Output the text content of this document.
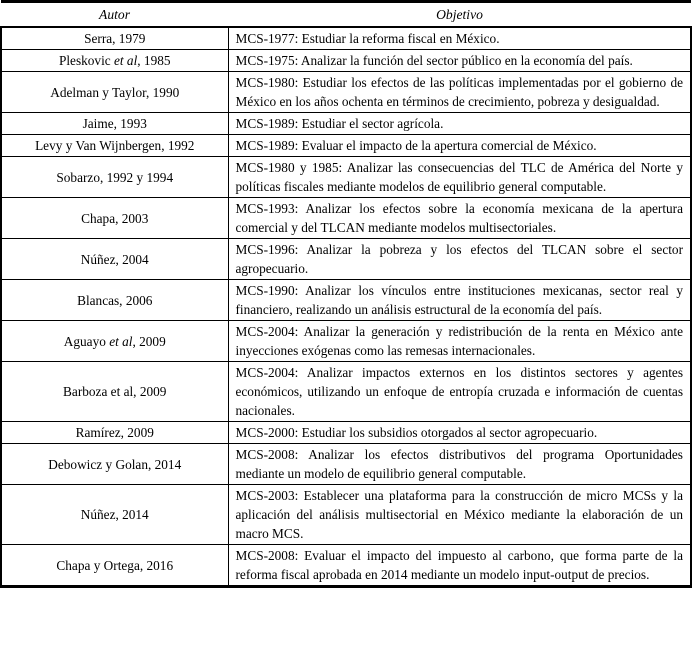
Autor	Objetivo
Serra, 1979	MCS-1977: Estudiar la reforma fiscal en México.
Pleskovic et al, 1985	MCS-1975: Analizar la función del sector público en la economía del país.
Adelman y Taylor, 1990	MCS-1980: Estudiar los efectos de las políticas implementadas por el gobierno de México en los años ochenta en términos de crecimiento, pobreza y desigualdad.
Jaime, 1993	MCS-1989: Estudiar el sector agrícola.
Levy y Van Wijnbergen, 1992	MCS-1989: Evaluar el impacto de la apertura comercial de México.
Sobarzo, 1992 y 1994	MCS-1980 y 1985: Analizar las consecuencias del TLC de América del Norte y políticas fiscales mediante modelos de equilibrio general computable.
Chapa, 2003	MCS-1993: Analizar los efectos sobre la economía mexicana de la apertura comercial y del TLCAN mediante modelos multisectoriales.
Núñez, 2004	MCS-1996: Analizar la pobreza y los efectos del TLCAN sobre el sector agropecuario.
Blancas, 2006	MCS-1990: Analizar los vínculos entre instituciones mexicanas, sector real y financiero, realizando un análisis estructural de la economía del país.
Aguayo et al, 2009	MCS-2004: Analizar la generación y redistribución de la renta en México ante inyecciones exógenas como las remesas internacionales.
Barboza et al, 2009	MCS-2004: Analizar impactos externos en los distintos sectores y agentes económicos, utilizando un enfoque de entropía cruzada e información de cuentas nacionales.
Ramírez, 2009	MCS-2000: Estudiar los subsidios otorgados al sector agropecuario.
Debowicz y Golan, 2014	MCS-2008: Analizar los efectos distributivos del programa Oportunidades mediante un modelo de equilibrio general computable.
Núñez, 2014	MCS-2003: Establecer una plataforma para la construcción de micro MCSs y la aplicación del análisis multisectorial en México mediante la elaboración de un macro MCS.
Chapa y Ortega, 2016	MCS-2008: Evaluar el impacto del impuesto al carbono, que forma parte de la reforma fiscal aprobada en 2014 mediante un modelo input-output de precios.
